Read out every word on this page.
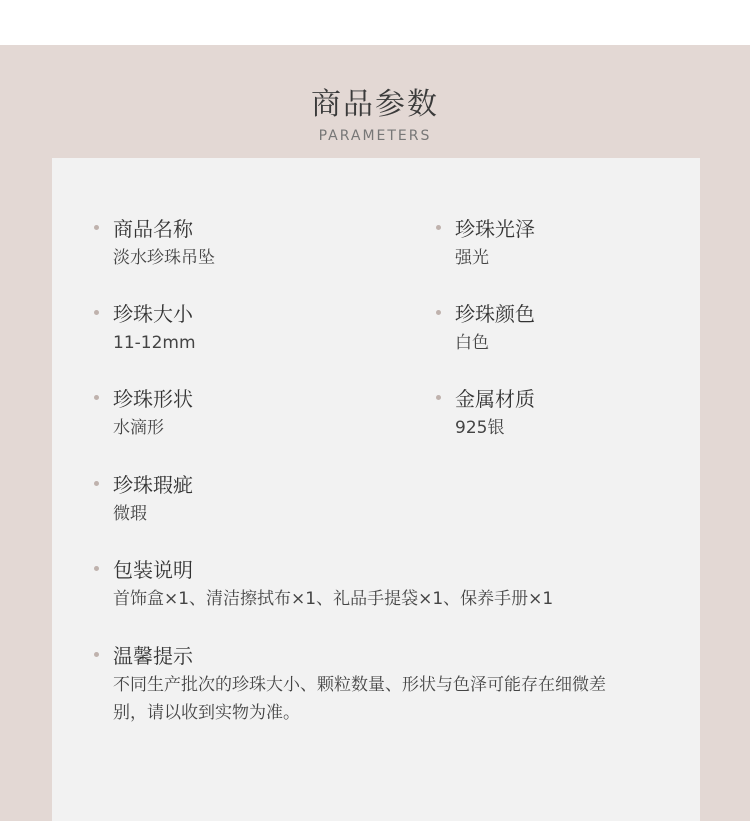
商品参数
PARAMETERS
商品名称
淡水珍珠吊坠
珍珠光泽
强光
珍珠大小
11-12mm
珍珠颜色
白色
珍珠形状
水滴形
金属材质
925银
珍珠瑕疵
微瑕
包装说明
首饰盒×1、清洁擦拭布×1、礼品手提袋×1、保养手册×1
温馨提示
不同生产批次的珍珠大小、颗粒数量、形状与色泽可能存在细微差别，请以收到实物为准。
